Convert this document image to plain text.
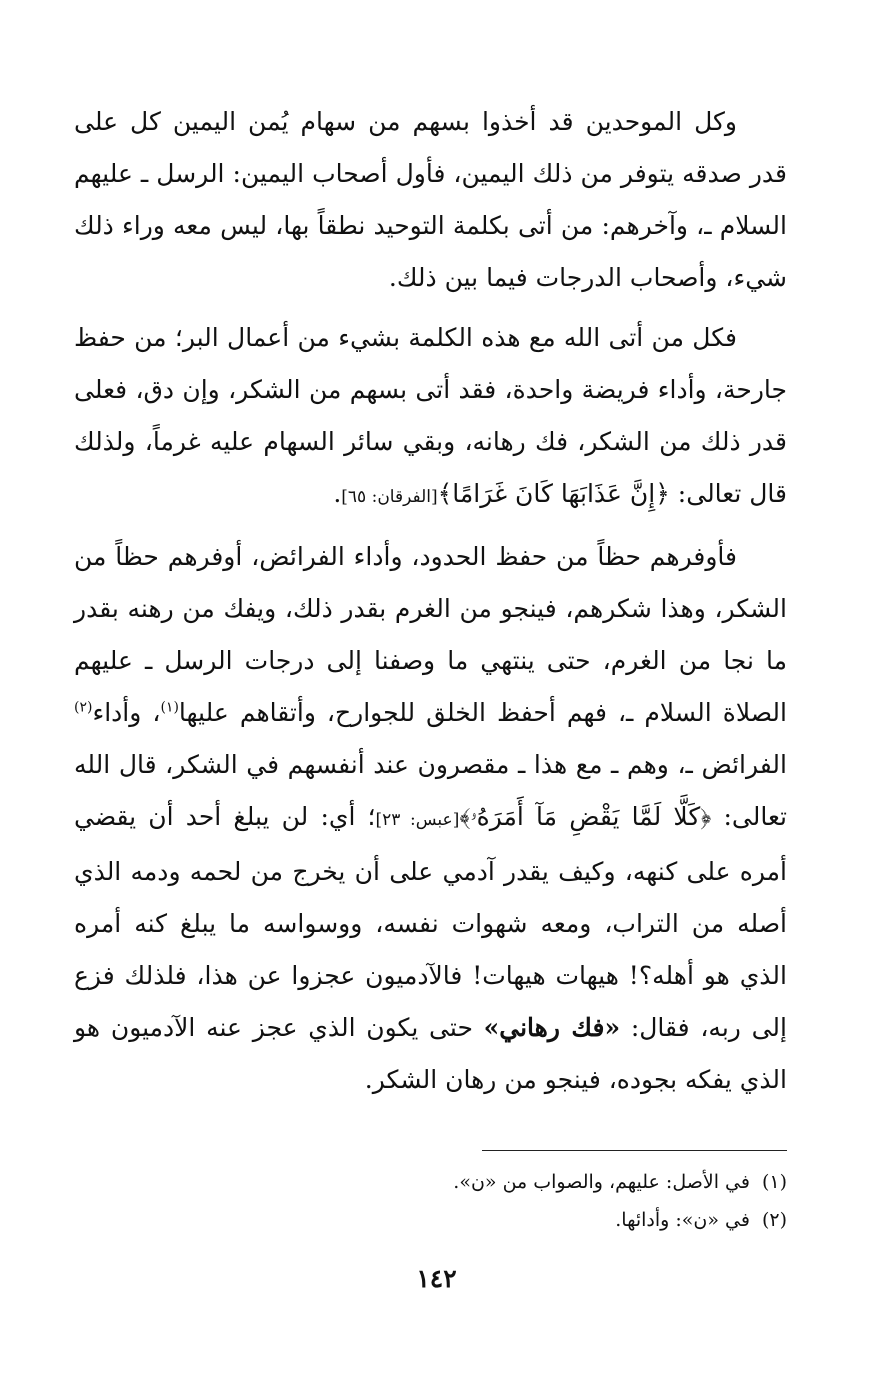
وكل الموحدين قد أخذوا بسهم من سهام يُمن اليمين كل على قدر صدقه يتوفر من ذلك اليمين، فأول أصحاب اليمين: الرسل ـ عليهم السلام ـ، وآخرهم: من أتى بكلمة التوحيد نطقاً بها، ليس معه وراء ذلك شيء، وأصحاب الدرجات فيما بين ذلك.

فكل من أتى الله مع هذه الكلمة بشيء من أعمال البر؛ من حفظ جارحة، وأداء فريضة واحدة، فقد أتى بسهم من الشكر، وإن دق، فعلى قدر ذلك من الشكر، فك رهانه، وبقي سائر السهام عليه غرماً، ولذلك قال تعالى: ﴿إِنَّ عَذَابَهَا كَانَ غَرَامًا﴾[الفرقان: ٦٥].

فأوفرهم حظاً من حفظ الحدود، وأداء الفرائض، أوفرهم حظاً من الشكر، وهذا شكرهم، فينجو من الغرم بقدر ذلك، ويفك من رهنه بقدر ما نجا من الغرم، حتى ينتهي ما وصفنا إلى درجات الرسل ـ عليهم الصلاة السلام ـ، فهم أحفظ الخلق للجوارح، وأتقاهم عليها$^{(١)}$، وأداء$^{(٢)}$ الفرائض ـ، وهم ـ مع هذا ـ مقصرون عند أنفسهم في الشكر، قال الله تعالى: ﴿كَلَّا لَمَّا يَقْضِ مَآ أَمَرَهُۥ﴾[عبس: ٢٣]؛ أي: لن يبلغ أحد أن يقضي أمره على كنهه، وكيف يقدر آدمي على أن يخرج من لحمه ودمه الذي أصله من التراب، ومعه شهوات نفسه، ووسواسه ما يبلغ كنه أمره الذي هو أهله؟! هيهات هيهات! فالآدميون عجزوا عن هذا، فلذلك فزع إلى ربه، فقال: «فك رهاني» حتى يكون الذي عجز عنه الآدميون هو الذي يفكه بجوده، فينجو من رهان الشكر.

(١)في الأصل: عليهم، والصواب من «ن».

(٢)في «ن»: وأدائها.

١٤٢
